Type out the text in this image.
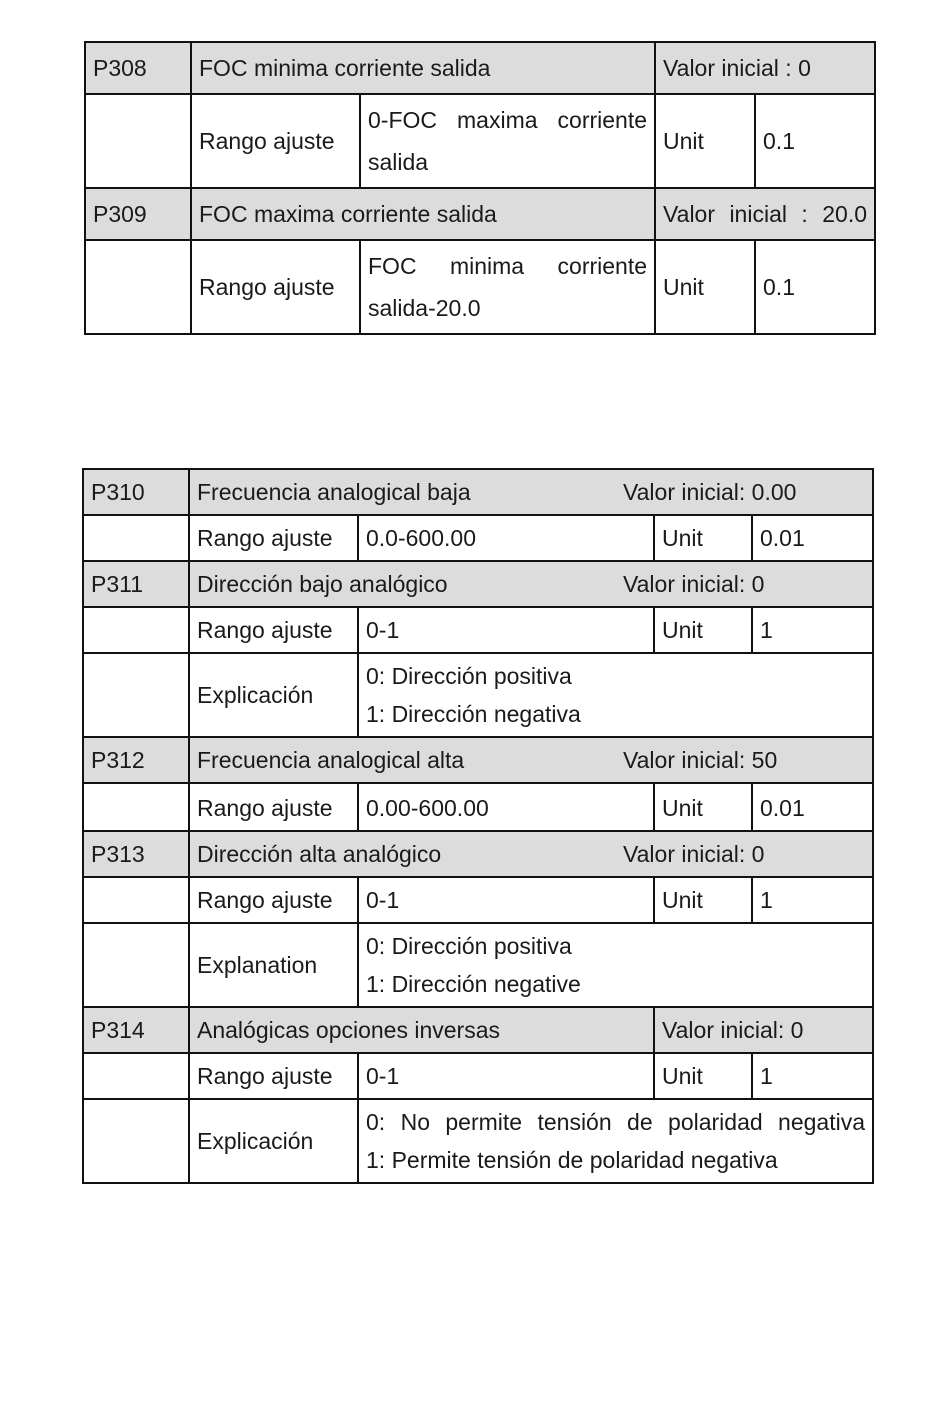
P308	FOC minima corriente salida		Valor inicial : 0	
	Rango ajuste	0-FOC maxima corriente salida	Unit	0.1
P309	FOC maxima corriente salida		Valor inicial : 20.0	
	Rango ajuste	FOC minima corriente salida-20.0	Unit	0.1
P310	Frecuencia analogical baja		Valor inicial: 0.00		
	Rango ajuste	0.0-600.00		Unit	0.01
P311	Dirección bajo analógico		Valor inicial: 0		
	Rango ajuste	0-1		Unit	1
	Explicación	0: Dirección positiva
1: Dirección negativa			

P312	Frecuencia analogical alta		Valor inicial: 50		
	Rango ajuste	0.00-600.00		Unit	0.01
P313	Dirección alta analógico		Valor inicial: 0		
	Rango ajuste	0-1		Unit	1
	Explanation	0: Dirección positiva
1: Dirección negative			

P314	Analógicas opciones inversas			Valor inicial: 0	
	Rango ajuste	0-1		Unit	1
	Explicación	0: No permite tensión de polaridad negativa
1: Permite tensión de polaridad negativa			
